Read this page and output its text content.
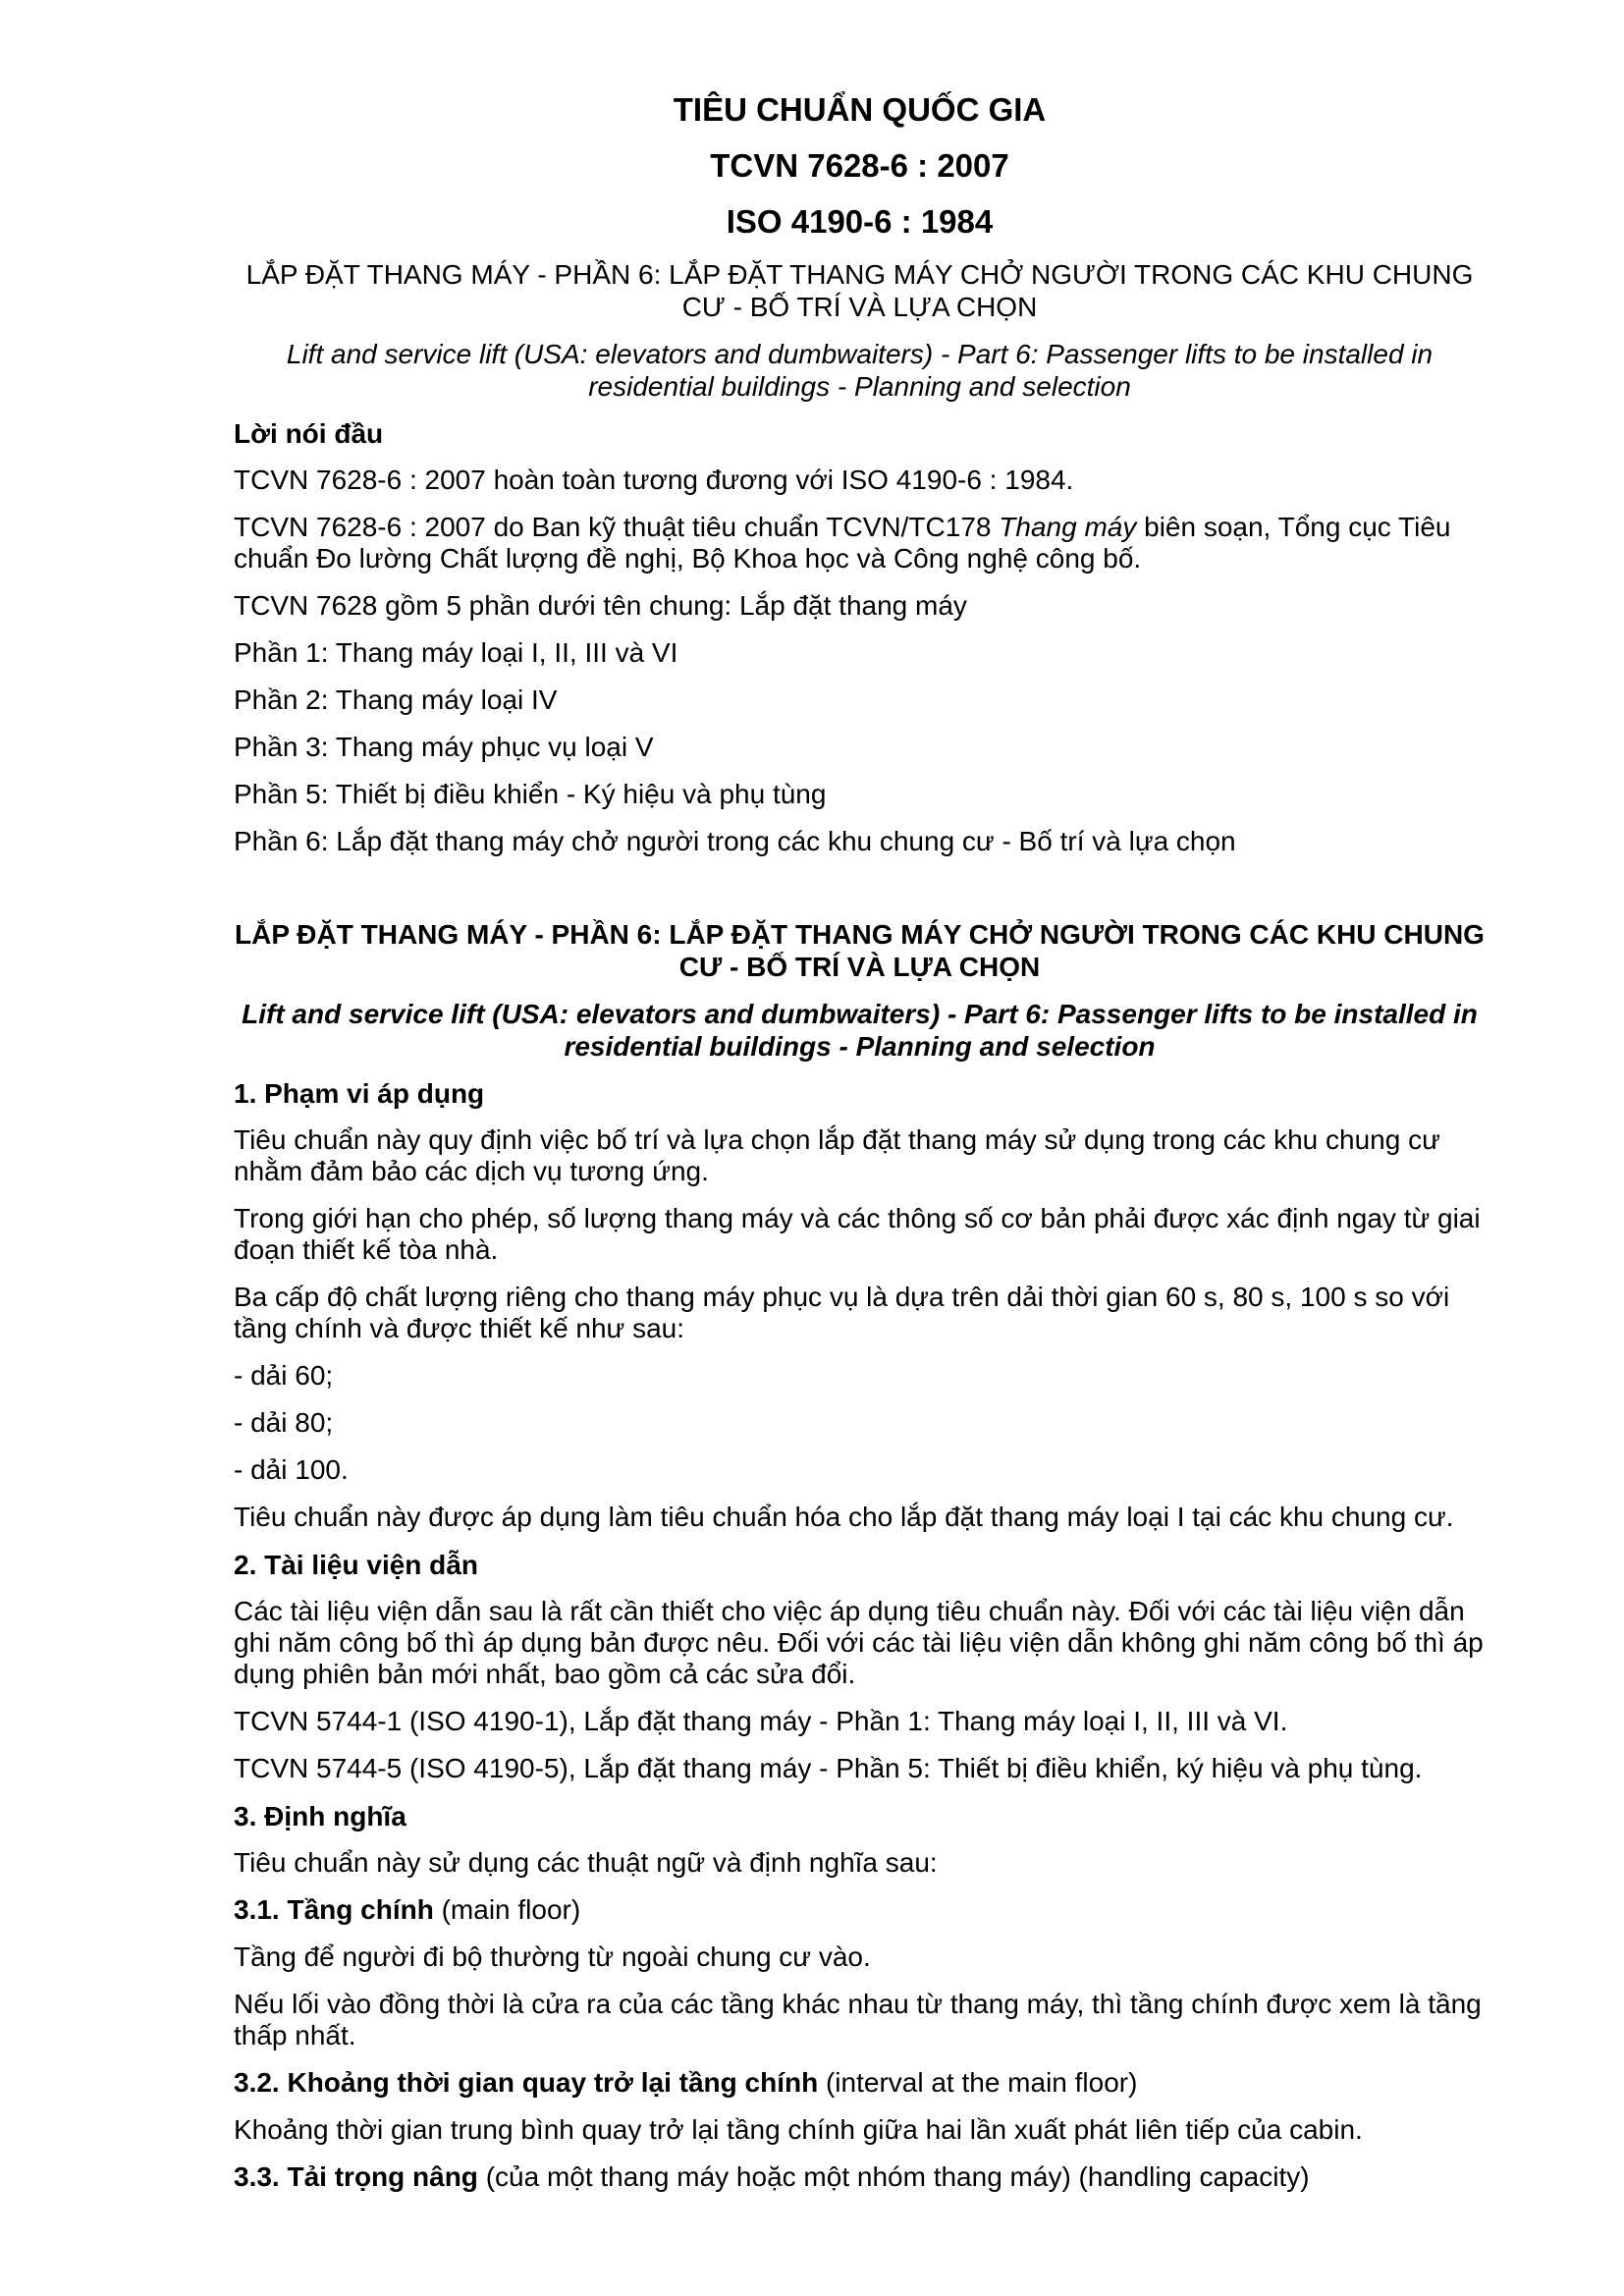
TIÊU CHUẨN QUỐC GIA
TCVN 7628-6 : 2007
ISO 4190-6 : 1984
LẮP ĐẶT THANG MÁY - PHẦN 6: LẮP ĐẶT THANG MÁY CHỞ NGƯỜI TRONG CÁC KHU CHUNG CƯ - BỐ TRÍ VÀ LỰA CHỌN
Lift and service lift (USA: elevators and dumbwaiters) - Part 6: Passenger lifts to be installed in residential buildings - Planning and selection
Lời nói đầu

TCVN 7628-6 : 2007 hoàn toàn tương đương với ISO 4190-6 : 1984.

TCVN 7628-6 : 2007 do Ban kỹ thuật tiêu chuẩn TCVN/TC178 Thang máy biên soạn, Tổng cục Tiêu chuẩn Đo lường Chất lượng đề nghị, Bộ Khoa học và Công nghệ công bố.

TCVN 7628 gồm 5 phần dưới tên chung: Lắp đặt thang máy

Phần 1: Thang máy loại I, II, III và VI

Phần 2: Thang máy loại IV

Phần 3: Thang máy phục vụ loại V

Phần 5: Thiết bị điều khiển - Ký hiệu và phụ tùng

Phần 6: Lắp đặt thang máy chở người trong các khu chung cư - Bố trí và lựa chọn

LẮP ĐẶT THANG MÁY - PHẦN 6: LẮP ĐẶT THANG MÁY CHỞ NGƯỜI TRONG CÁC KHU CHUNG CƯ - BỐ TRÍ VÀ LỰA CHỌN
Lift and service lift (USA: elevators and dumbwaiters) - Part 6: Passenger lifts to be installed in residential buildings - Planning and selection
1. Phạm vi áp dụng

Tiêu chuẩn này quy định việc bố trí và lựa chọn lắp đặt thang máy sử dụng trong các khu chung cư nhằm đảm bảo các dịch vụ tương ứng.

Trong giới hạn cho phép, số lượng thang máy và các thông số cơ bản phải được xác định ngay từ giai đoạn thiết kế tòa nhà.

Ba cấp độ chất lượng riêng cho thang máy phục vụ là dựa trên dải thời gian 60 s, 80 s, 100 s so với tầng chính và được thiết kế như sau:

- dải 60;

- dải 80;

- dải 100.

Tiêu chuẩn này được áp dụng làm tiêu chuẩn hóa cho lắp đặt thang máy loại I tại các khu chung cư.

2. Tài liệu viện dẫn

Các tài liệu viện dẫn sau là rất cần thiết cho việc áp dụng tiêu chuẩn này. Đối với các tài liệu viện dẫn ghi năm công bố thì áp dụng bản được nêu. Đối với các tài liệu viện dẫn không ghi năm công bố thì áp dụng phiên bản mới nhất, bao gồm cả các sửa đổi.

TCVN 5744-1 (ISO 4190-1), Lắp đặt thang máy - Phần 1: Thang máy loại I, II, III và VI.

TCVN 5744-5 (ISO 4190-5), Lắp đặt thang máy - Phần 5: Thiết bị điều khiển, ký hiệu và phụ tùng.

3. Định nghĩa

Tiêu chuẩn này sử dụng các thuật ngữ và định nghĩa sau:

3.1. Tầng chính (main floor)

Tầng để người đi bộ thường từ ngoài chung cư vào.

Nếu lối vào đồng thời là cửa ra của các tầng khác nhau từ thang máy, thì tầng chính được xem là tầng thấp nhất.

3.2. Khoảng thời gian quay trở lại tầng chính (interval at the main floor)

Khoảng thời gian trung bình quay trở lại tầng chính giữa hai lần xuất phát liên tiếp của cabin.

3.3. Tải trọng nâng (của một thang máy hoặc một nhóm thang máy) (handling capacity)
